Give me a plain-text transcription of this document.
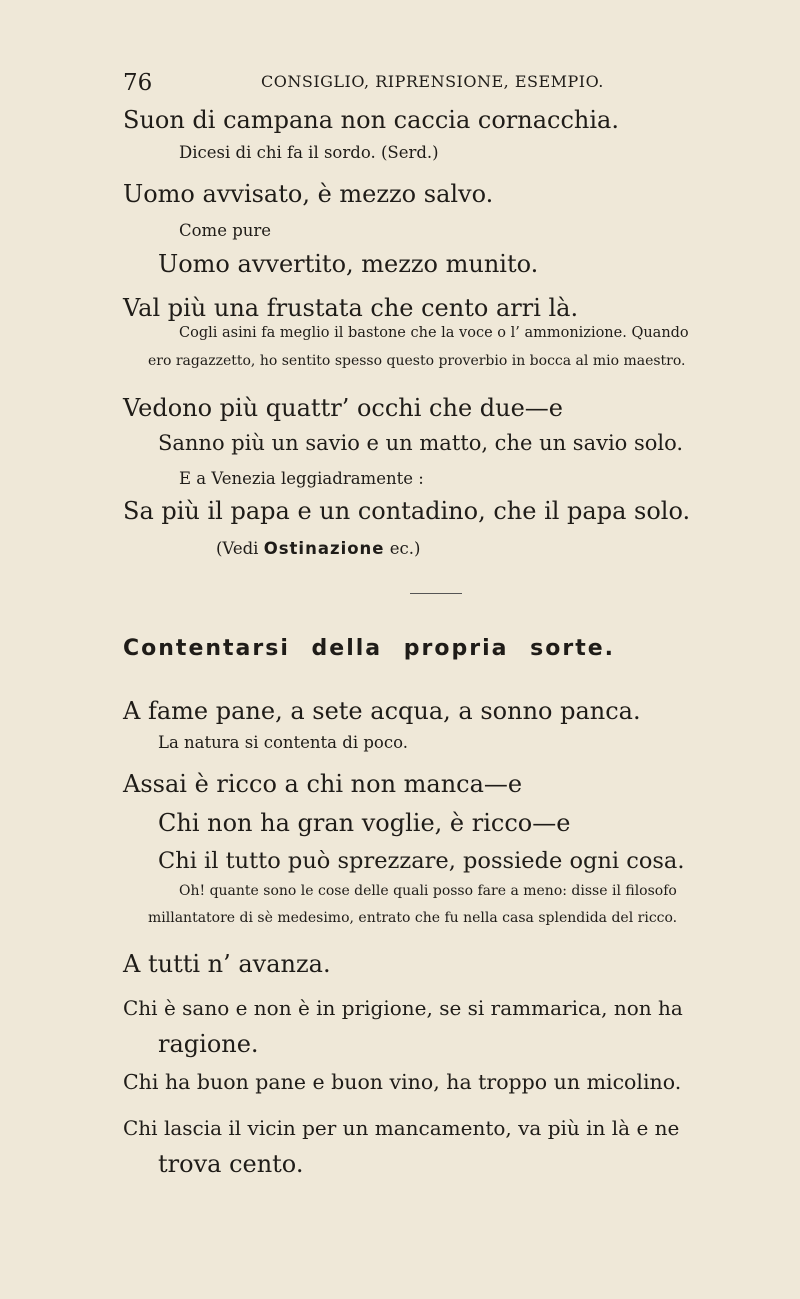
76	CONSIGLIO, RIPRENSIONE, ESEMPIO.
Suon di campana non caccia cornacchia.
Dicesi di chi fa il sordo. (Serd.)
Uomo avvisato, è mezzo salvo.
Come pure
Uomo avvertito, mezzo munito.
Val più una frustata che cento arri là.
Cogli asini fa meglio il bastone che la voce o l’ ammonizione. Quando
ero ragazzetto, ho sentito spesso questo proverbio in bocca al mio maestro.
Vedono più quattr’ occhi che due—e
Sanno più un savio e un matto, che un savio solo.
E a Venezia leggiadramente :
Sa più il papa e un contadino, che il papa solo.
(Vedi Ostinazione ec.)
Contentarsi della propria sorte.
A fame pane, a sete acqua, a sonno panca.
La natura si contenta di poco.
Assai è ricco a chi non manca—e
Chi non ha gran voglie, è ricco—e
Chi il tutto può sprezzare, possiede ogni cosa.
Oh! quante sono le cose delle quali posso fare a meno: disse il filosofo
millantatore di sè medesimo, entrato che fu nella casa splendida del ricco.
A tutti n’ avanza.
Chi è sano e non è in prigione, se si rammarica, non ha
ragione.
Chi ha buon pane e buon vino, ha troppo un micolino.
Chi lascia il vicin per un mancamento, va più in là e ne
trova cento.
